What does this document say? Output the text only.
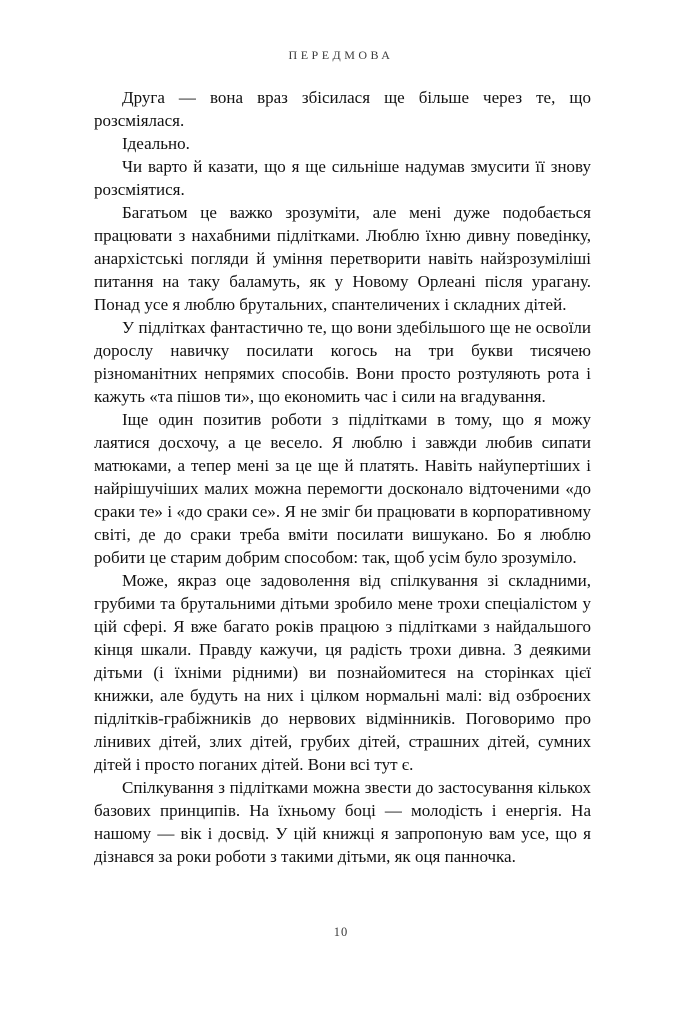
ПЕРЕДМОВА

Друга — вона враз збісилася ще більше через те, що розсміялася.

Ідеально.

Чи варто й казати, що я ще сильніше надумав змусити її знову розсміятися.

Багатьом це важко зрозуміти, але мені дуже подобається працювати з нахабними підлітками. Люблю їхню дивну поведінку, анархістські погляди й уміння перетворити навіть найзрозуміліші питання на таку баламуть, як у Новому Орлеані після урагану. Понад усе я люблю брутальних, спантеличених і складних дітей.

У підлітках фантастично те, що вони здебільшого ще не освоїли дорослу навичку посилати когось на три букви тисячею різноманітних непрямих способів. Вони просто розтуляють рота і кажуть «та пішов ти», що економить час і сили на вгадування.

Іще один позитив роботи з підлітками в тому, що я можу лаятися досхочу, а це весело. Я люблю і завжди любив сипати матюками, а тепер мені за це ще й платять. Навіть найупертіших і найрішучіших малих можна перемогти досконало відточеними «до сраки те» і «до сраки се». Я не зміг би працювати в корпоративному світі, де до сраки треба вміти посилати вишукано. Бо я люблю робити це старим добрим способом: так, щоб усім було зрозуміло.

Може, якраз оце задоволення від спілкування зі складними, грубими та брутальними дітьми зробило мене трохи спеціалістом у цій сфері. Я вже багато років працюю з підлітками з найдальшого кінця шкали. Правду кажучи, ця радість трохи дивна. З деякими дітьми (і їхніми рідними) ви познайомитеся на сторінках цієї книжки, але будуть на них і цілком нормальні малі: від озброєних підлітків-грабіжників до нервових відмінників. Поговоримо про лінивих дітей, злих дітей, грубих дітей, страшних дітей, сумних дітей і просто поганих дітей. Вони всі тут є.

Спілкування з підлітками можна звести до застосування кількох базових принципів. На їхньому боці — молодість і енергія. На нашому — вік і досвід. У цій книжці я запропоную вам усе, що я дізнався за роки роботи з такими дітьми, як оця панночка.

10
